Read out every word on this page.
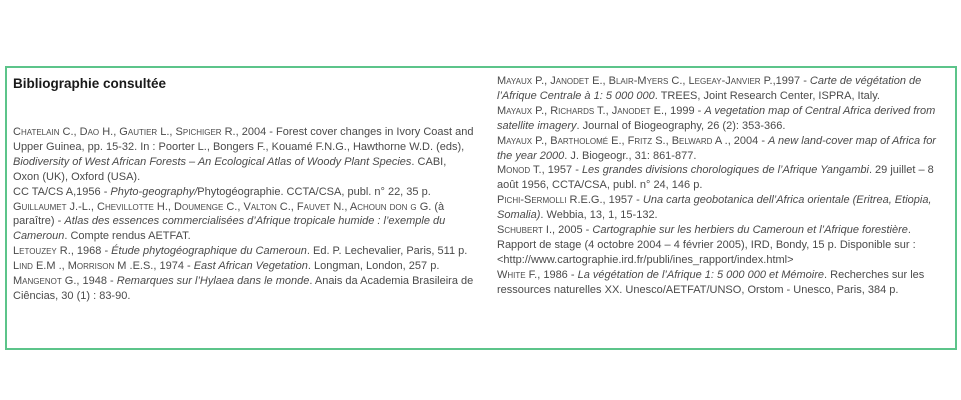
Bibliographie consultée

Chatelain C., Dao H., Gautier L., Spichiger R., 2004 - Forest cover changes in Ivory Coast and Upper Guinea, pp. 15-32. In : Poorter L., Bongers F., Kouamé F.N.G., Hawthorne W.D. (eds), Biodiversity of West African Forests – An Ecological Atlas of Woody Plant Species. CABI, Oxon (UK), Oxford (USA).

CC TA/CS A,1956 - Phyto-geography/Phytogéographie. CCTA/CSA, publ. n° 22, 35 p.

Guillaumet J.-L., Chevillotte H., Doumenge C., Valton C., Fauvet N., Achoun don g G. (à paraître) - Atlas des essences commercialisées d’Afrique tropicale humide : l’exemple du Cameroun. Compte rendus AETFAT.

Letouzey R., 1968 - Étude phytogéographique du Cameroun. Ed. P. Lechevalier, Paris, 511 p.

Lind E.M ., Morrison M .E.S., 1974 - East African Vegetation. Longman, London, 257 p.

Mangenot G., 1948 - Remarques sur l’Hylaea dans le monde. Anais da Academia Brasileira de Ciências, 30 (1) : 83-90.

Mayaux P., Janodet E., Blair-Myers C., Legeay-Janvier P.,1997 - Carte de végétation de l’Afrique Centrale à 1: 5 000 000. TREES, Joint Research Center, ISPRA, Italy.

Mayaux P., Richards T., Janodet E., 1999 - A vegetation map of Central Africa derived from satellite imagery. Journal of Biogeography, 26 (2): 353-366.

Mayaux P., Bartholomé E., Fritz S., Belward A ., 2004 - A new land-cover map of Africa for the year 2000. J. Biogeogr., 31: 861-877.

Monod T., 1957 - Les grandes divisions chorologiques de l’Afrique Yangambi. 29 juillet – 8 août 1956, CCTA/CSA, publ. n° 24, 146 p.

Pichi-Sermolli R.E.G., 1957 - Una carta geobotanica dell’Africa orientale (Eritrea, Etiopia, Somalia). Webbia, 13, 1, 15-132.

Schubert I., 2005 - Cartographie sur les herbiers du Cameroun et l’Afrique forestière. Rapport de stage (4 octobre 2004 – 4 février 2005), IRD, Bondy, 15 p. Disponible sur : <http://www.cartographie.ird.fr/publi/ines_rapport/index.html>

White F., 1986 - La végétation de l’Afrique 1: 5 000 000 et Mémoire. Recherches sur les ressources naturelles XX. Unesco/AETFAT/UNSO, Orstom - Unesco, Paris, 384 p.
